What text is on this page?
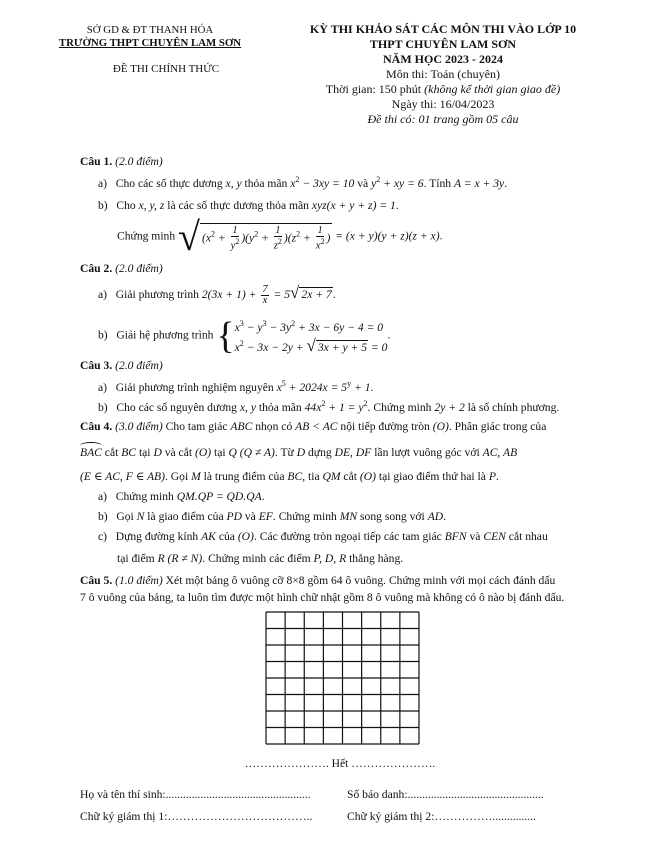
SỞ GD & ĐT THANH HÓA
TRƯỜNG THPT CHUYÊN LAM SƠN
ĐỀ THI CHÍNH THỨC
KỲ THI KHẢO SÁT CÁC MÔN THI VÀO LỚP 10
THPT CHUYÊN LAM SƠN
NĂM HỌC 2023 - 2024
Môn thi: Toán (chuyên)
Thời gian: 150 phút (không kể thời gian giao đề)
Ngày thi: 16/04/2023
Đề thi có: 01 trang gồm 05 câu
Câu 1. (2.0 điểm)
a) Cho các số thực dương x, y thỏa mãn $x^2 - 3xy = 10$ và $y^2$ + xy = 6. Tính A = x + 3y.
b) Cho x, y, z là các số thực dương thỏa mãn xyz(x + y + z) = 1.
Chứng minh √ $(x^2 + \frac{1}{y^2} )(y^2 + \frac{1}{z^2} )(z^2 + \frac{1}{x^2}$ ) = (x + y)(y + z)(z + x).
Câu 2. (2.0 điểm)
a) Giải phương trình $2(3x + 1) + \frac{7}{x} = 5√$ 2x + 7.
b) Giải hệ phương trình {$x^3 - y^3 - 3y^2 + 3x - 6y - 4 = 0$
$x^2 - 3x - 2y$ + √ 3x + y + 5 = 0.
Câu 3. (2.0 điểm)
a) Giải phương trình nghiệm nguyên $x^5 + 2024x = 5^y + 1$.
b) Cho các số nguyên dương x, y thỏa mãn $44x^2 + 1 = y^2$. Chứng minh 2y + 2 là số chính phương.
Câu 4. (3.0 điểm) Cho tam giác ABC nhọn có AB < AC nội tiếp đường tròn (O). Phân giác trong của
BAC cắt BC tại D và cắt (O) tại Q (Q ≠ A). Từ D dựng DE, DF lần lượt vuông góc với AC, AB
(E ∈ AC, F ∈ AB). Gọi M là trung điểm của BC, tia QM cắt (O) tại giao điểm thứ hai là P.
a) Chứng minh QM.QP = QD.QA.
b) Gọi N là giao điểm của PD và EF. Chứng minh MN song song với AD.
c) Dựng đường kính AK của (O). Các đường tròn ngoại tiếp các tam giác BFN và CEN cắt nhau
tại điểm R (R ≠ N). Chứng minh các điểm P, D, R thẳng hàng.
Câu 5. (1.0 điểm) Xét một bảng ô vuông cỡ 8×8 gồm 64 ô vuông. Chứng minh với mọi cách đánh dấu
7 ô vuông của bảng, ta luôn tìm được một hình chữ nhật gồm 8 ô vuông mà không có ô nào bị đánh dấu.
…………………. Hết ………………….
Họ và tên thí sinh:..................................................	Số báo danh:...............................................
Chữ ký giám thị 1:………………………………..	Chữ ký giám thị 2:……………...............
